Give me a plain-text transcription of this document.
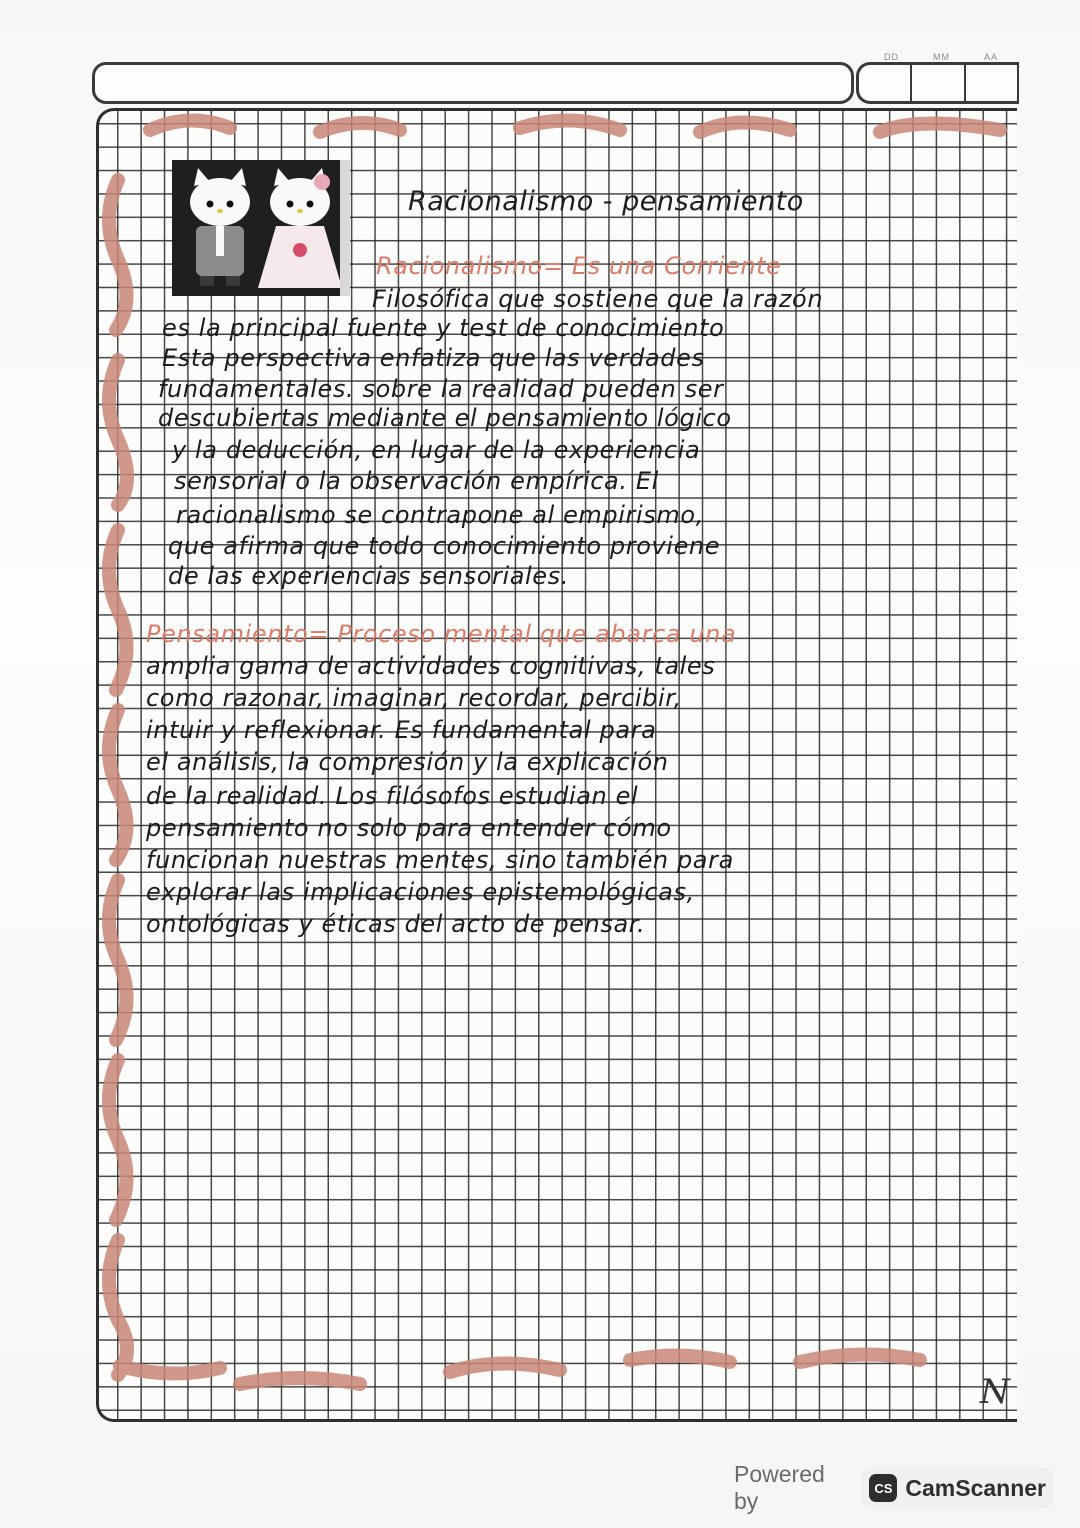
DD	MM	AA
Racionalismo - pensamiento
Racionalismo= Es una Corriente
Filosófica que sostiene que la razón
es la principal fuente y test de conocimiento
Esta perspectiva enfatiza que las verdades
fundamentales. sobre la realidad pueden ser
descubiertas mediante el pensamiento lógico
y la deducción, en lugar de la experiencia
sensorial o la observación empírica. El
racionalismo se contrapone al empirismo,
que afirma que todo conocimiento proviene
de las experiencias sensoriales.
Pensamiento= Proceso mental que abarca una
amplia gama de actividades cognitivas, tales
como razonar, imaginar, recordar, percibir,
intuir y reflexionar. Es fundamental para
el análisis, la compresión y la explicación
de la realidad. Los filósofos estudian el
pensamiento no solo para entender cómo
funcionan nuestras mentes, sino también para
explorar las implicaciones epistemológicas,
ontológicas y éticas del acto de pensar.
N
Powered by	CS CamScanner
